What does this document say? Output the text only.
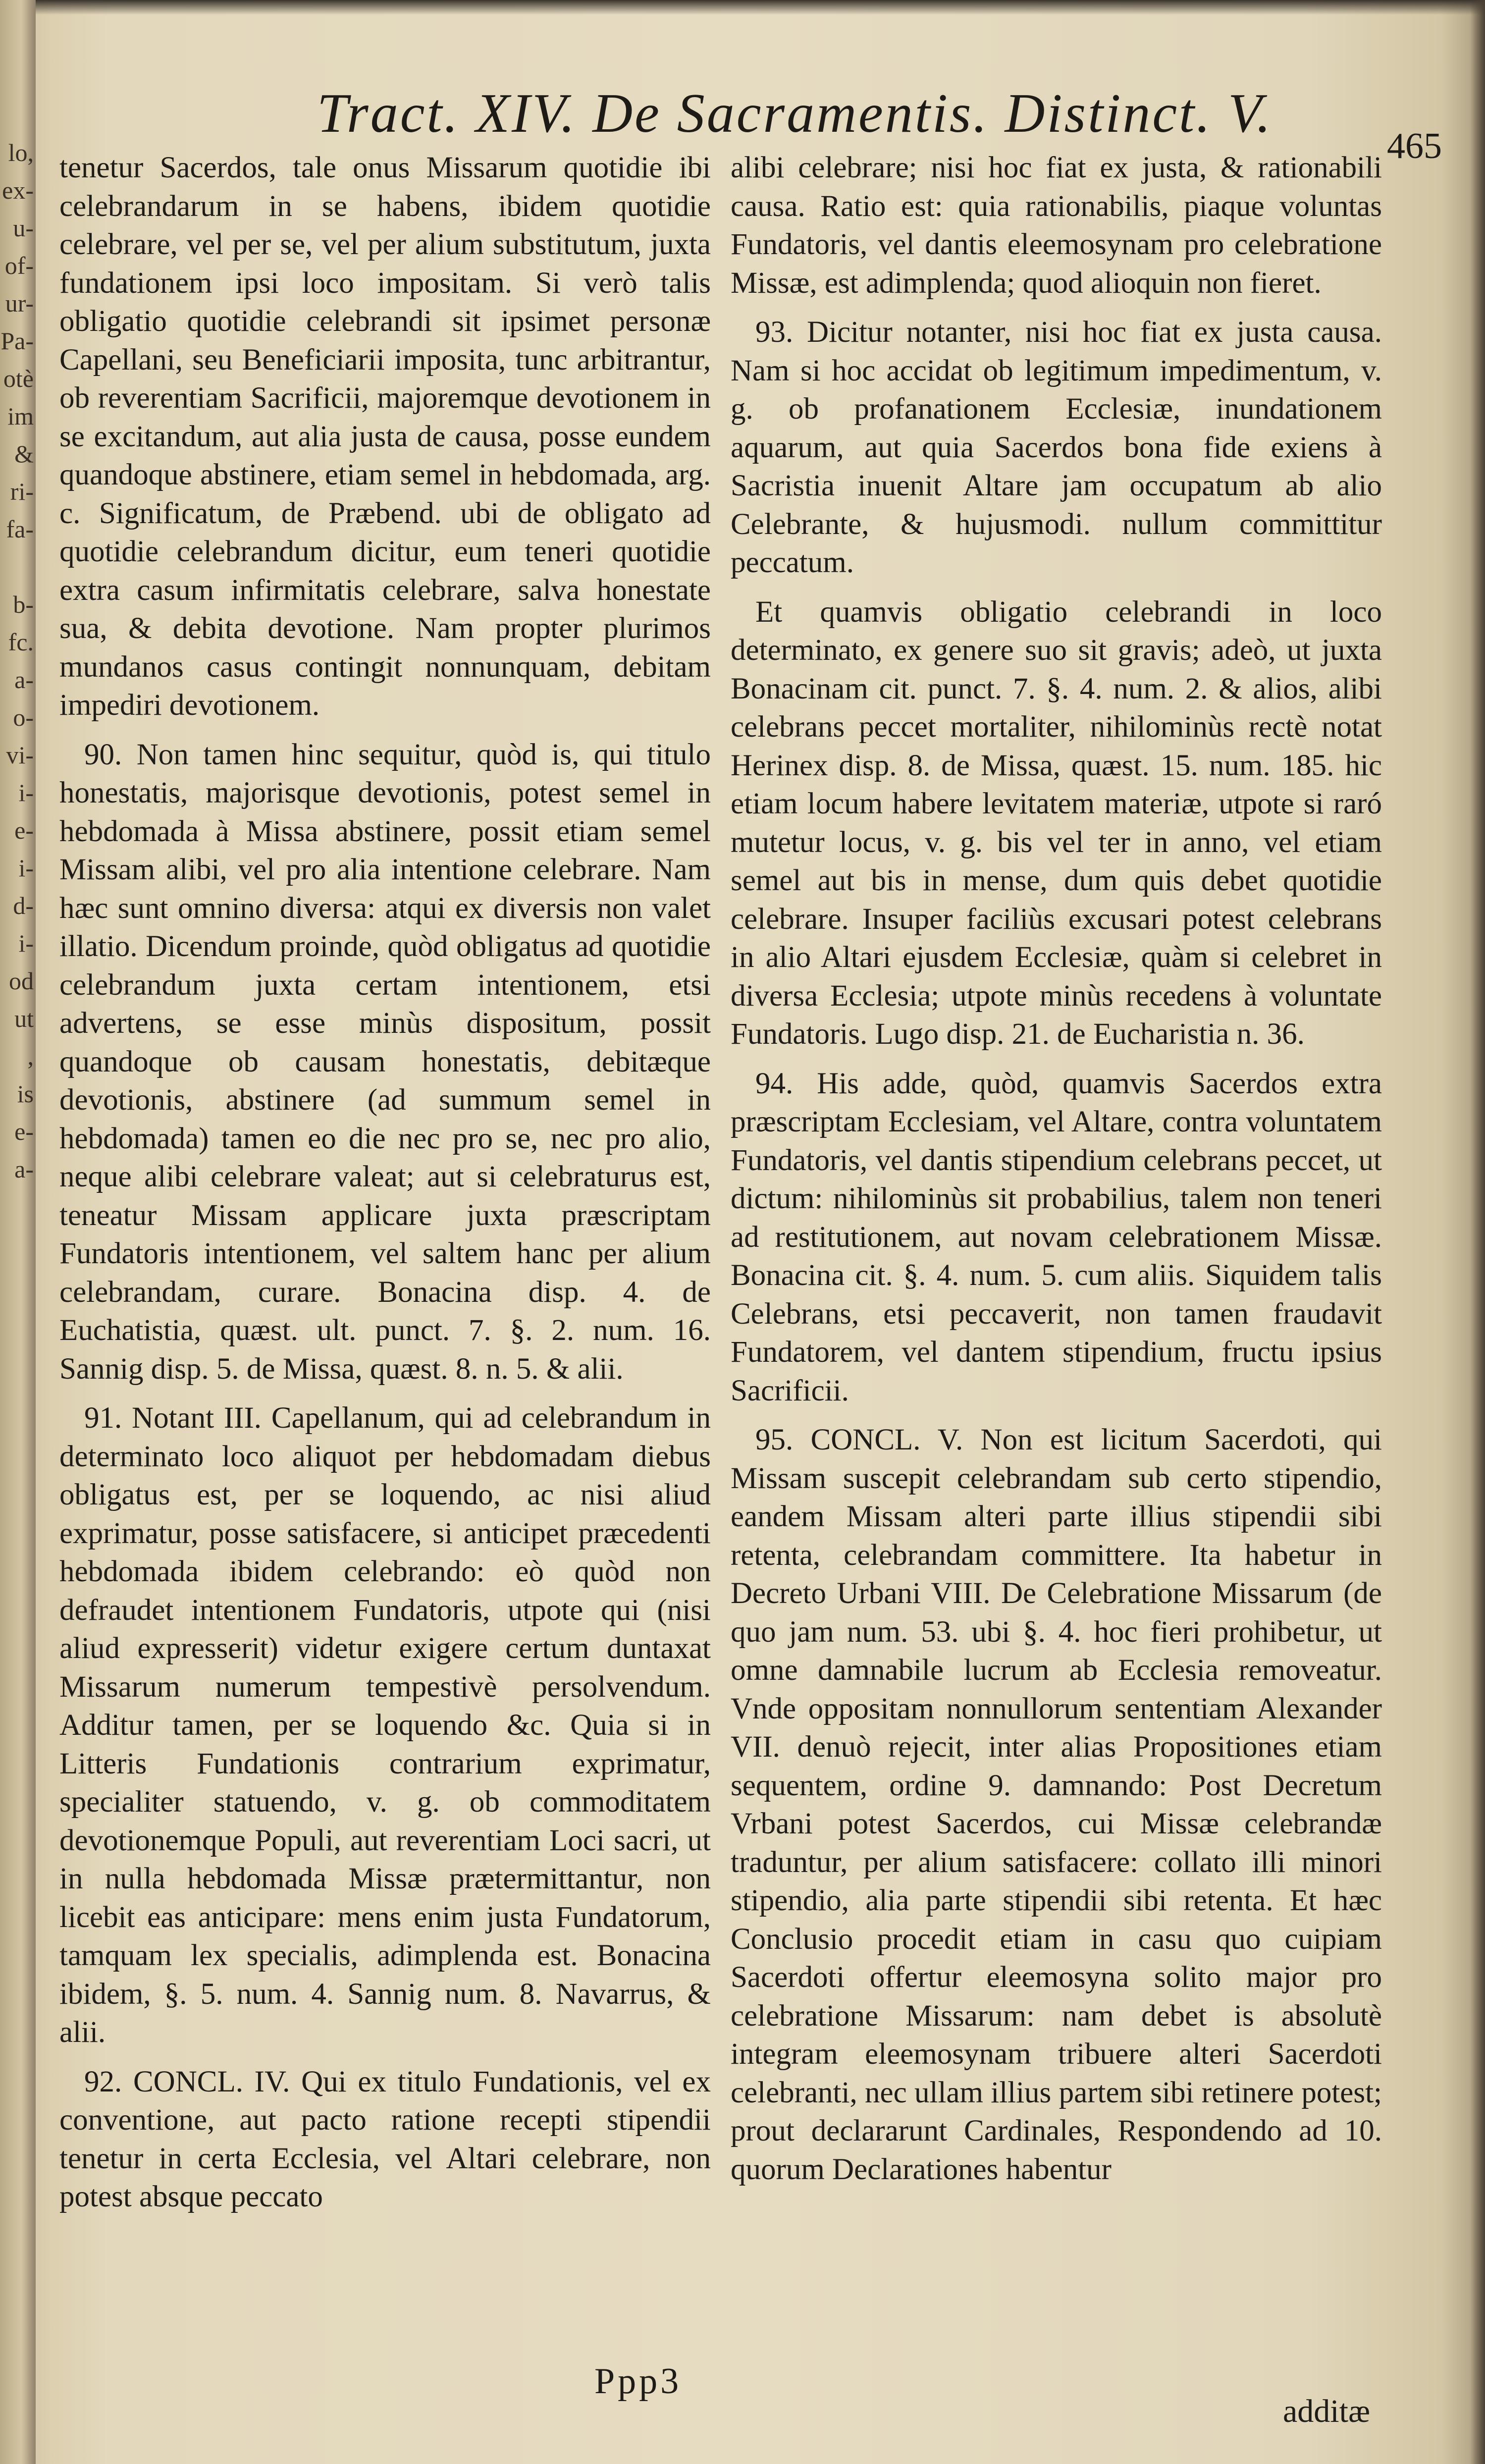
lo,
ex-
u-
of-
ur-
Pa-
otè
im
&
ri-
fa-
b-
fc.
a-
o-
vi-
i-
e-
i-
d-
i-
od
ut
,
is
e-
a-
Tract. XIV. De Sacramentis. Distinct. V.
465

tenetur Sacerdos, tale onus Missarum quotidie ibi celebrandarum in se habens, ibidem quotidie celebrare, vel per se, vel per alium substitutum, juxta fundationem ipsi loco impositam. Si verò talis obligatio quotidie celebrandi sit ipsimet personæ Capellani, seu Beneficiarii imposita, tunc arbitrantur, ob reverentiam Sacrificii, majoremque devotionem in se excitandum, aut alia justa de causa, posse eundem quandoque abstinere, etiam semel in hebdomada, arg. c. Significatum, de Præbend. ubi de obligato ad quotidie celebrandum dicitur, eum teneri quotidie extra casum infirmitatis celebrare, salva honestate sua, & debita devotione. Nam propter plurimos mundanos casus contingit nonnunquam, debitam impediri devotionem.

90. Non tamen hinc sequitur, quòd is, qui titulo honestatis, majorisque devotionis, potest semel in hebdomada à Missa abstinere, possit etiam semel Missam alibi, vel pro alia intentione celebrare. Nam hæc sunt omnino diversa: atqui ex diversis non valet illatio. Dicendum proinde, quòd obligatus ad quotidie celebrandum juxta certam intentionem, etsi advertens, se esse minùs dispositum, possit quandoque ob causam honestatis, debitæque devotionis, abstinere (ad summum semel in hebdomada) tamen eo die nec pro se, nec pro alio, neque alibi celebrare valeat; aut si celebraturus est, teneatur Missam applicare juxta præscriptam Fundatoris intentionem, vel saltem hanc per alium celebrandam, curare. Bonacina disp. 4. de Euchatistia, quæst. ult. punct. 7. §. 2. num. 16. Sannig disp. 5. de Missa, quæst. 8. n. 5. & alii.

91. Notant III. Capellanum, qui ad celebrandum in determinato loco aliquot per hebdomadam diebus obligatus est, per se loquendo, ac nisi aliud exprimatur, posse satisfacere, si anticipet præcedenti hebdomada ibidem celebrando: eò quòd non defraudet intentionem Fundatoris, utpote qui (nisi aliud expresserit) videtur exigere certum duntaxat Missarum numerum tempestivè persolvendum. Additur tamen, per se loquendo &c. Quia si in Litteris Fundationis contrarium exprimatur, specialiter statuendo, v. g. ob commoditatem devotionemque Populi, aut reverentiam Loci sacri, ut in nulla hebdomada Missæ prætermittantur, non licebit eas anticipare: mens enim justa Fundatorum, tamquam lex specialis, adimplenda est. Bonacina ibidem, §. 5. num. 4. Sannig num. 8. Navarrus, & alii.

92. CONCL. IV. Qui ex titulo Fundationis, vel ex conventione, aut pacto ratione recepti stipendii tenetur in certa Ecclesia, vel Altari celebrare, non potest absque peccato

alibi celebrare; nisi hoc fiat ex justa, & rationabili causa. Ratio est: quia rationabilis, piaque voluntas Fundatoris, vel dantis eleemosynam pro celebratione Missæ, est adimplenda; quod alioquin non fieret.

93. Dicitur notanter, nisi hoc fiat ex justa causa. Nam si hoc accidat ob legitimum impedimentum, v. g. ob profanationem Ecclesiæ, inundationem aquarum, aut quia Sacerdos bona fide exiens à Sacristia inuenit Altare jam occupatum ab alio Celebrante, & hujusmodi. nullum committitur peccatum.

Et quamvis obligatio celebrandi in loco determinato, ex genere suo sit gravis; adeò, ut juxta Bonacinam cit. punct. 7. §. 4. num. 2. & alios, alibi celebrans peccet mortaliter, nihilominùs rectè notat Herinex disp. 8. de Missa, quæst. 15. num. 185. hic etiam locum habere levitatem materiæ, utpote si raró mutetur locus, v. g. bis vel ter in anno, vel etiam semel aut bis in mense, dum quis debet quotidie celebrare. Insuper faciliùs excusari potest celebrans in alio Altari ejusdem Ecclesiæ, quàm si celebret in diversa Ecclesia; utpote minùs recedens à voluntate Fundatoris. Lugo disp. 21. de Eucharistia n. 36.

94. His adde, quòd, quamvis Sacerdos extra præscriptam Ecclesiam, vel Altare, contra voluntatem Fundatoris, vel dantis stipendium celebrans peccet, ut dictum: nihilominùs sit probabilius, talem non teneri ad restitutionem, aut novam celebrationem Missæ. Bonacina cit. §. 4. num. 5. cum aliis. Siquidem talis Celebrans, etsi peccaverit, non tamen fraudavit Fundatorem, vel dantem stipendium, fructu ipsius Sacrificii.

95. CONCL. V. Non est licitum Sacerdoti, qui Missam suscepit celebrandam sub certo stipendio, eandem Missam alteri parte illius stipendii sibi retenta, celebrandam committere. Ita habetur in Decreto Urbani VIII. De Celebratione Missarum (de quo jam num. 53. ubi §. 4. hoc fieri prohibetur, ut omne damnabile lucrum ab Ecclesia removeatur. Vnde oppositam nonnullorum sententiam Alexander VII. denuò rejecit, inter alias Propositiones etiam sequentem, ordine 9. damnando: Post Decretum Vrbani potest Sacerdos, cui Missæ celebrandæ traduntur, per alium satisfacere: collato illi minori stipendio, alia parte stipendii sibi retenta. Et hæc Conclusio procedit etiam in casu quo cuipiam Sacerdoti offertur eleemosyna solito major pro celebratione Missarum: nam debet is absolutè integram eleemosynam tribuere alteri Sacerdoti celebranti, nec ullam illius partem sibi retinere potest; prout declararunt Cardinales, Respondendo ad 10. quorum Declarationes habentur

Ppp3
additæ
